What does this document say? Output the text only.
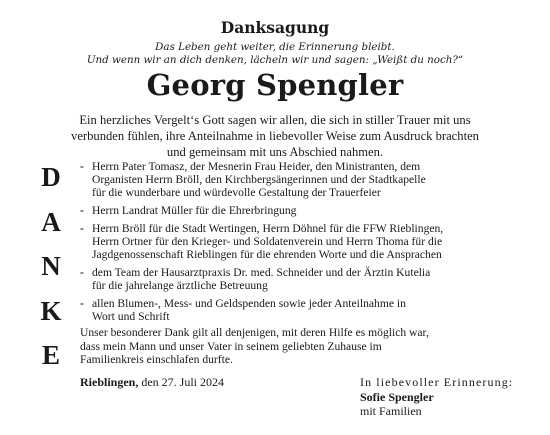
Danksagung
Das Leben geht weiter, die Erinnerung bleibt.
Und wenn wir an dich denken, lächeln wir und sagen: „Weißt du noch?“
Georg Spengler
Ein herzliches Vergelt‘s Gott sagen wir allen, die sich in stiller Trauer mit uns
verbunden fühlen, ihre Anteilnahme in liebevoller Weise zum Ausdruck brachten
und gemeinsam mit uns Abschied nahmen.
D
A
N
K
E
- Herrn Pater Tomasz, der Mesnerin Frau Heider, den Ministranten, dem
Organisten Herrn Bröll, den Kirchbergsängerinnen und der Stadtkapelle
für die wunderbare und würdevolle Gestaltung der Trauerfeier
- Herrn Landrat Müller für die Ehrerbringung
- Herrn Bröll für die Stadt Wertingen, Herrn Döhnel für die FFW Rieblingen,
Herrn Ortner für den Krieger- und Soldatenverein und Herrn Thoma für die
Jagdgenossenschaft Rieblingen für die ehrenden Worte und die Ansprachen
- dem Team der Hausarztpraxis Dr. med. Schneider und der Ärztin Kutelia
für die jahrelange ärztliche Betreuung
- allen Blumen-, Mess- und Geldspenden sowie jeder Anteilnahme in
Wort und Schrift
Unser besonderer Dank gilt all denjenigen, mit deren Hilfe es möglich war,
dass mein Mann und unser Vater in seinem geliebten Zuhause im
Familienkreis einschlafen durfte.
Rieblingen, den 27. Juli 2024	In liebevoller Erinnerung:
Sofie Spengler
mit Familien
